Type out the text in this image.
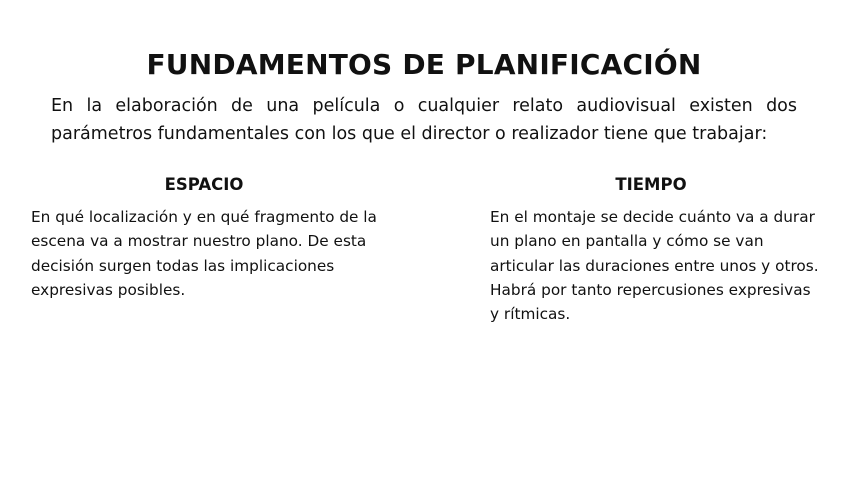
FUNDAMENTOS DE PLANIFICACIÓN

En la elaboración de una película o cualquier relato audiovisual existen dos parámetros fundamentales con los que el director o realizador tiene que trabajar:

ESPACIO

En qué localización y en qué fragmento de la escena va a mostrar nuestro plano. De esta decisión surgen todas las implicaciones expresivas posibles.

TIEMPO

En el montaje se decide cuánto va a durar un plano en pantalla y cómo se van articular las duraciones entre unos y otros. Habrá por tanto repercusiones expresivas y rítmicas.
